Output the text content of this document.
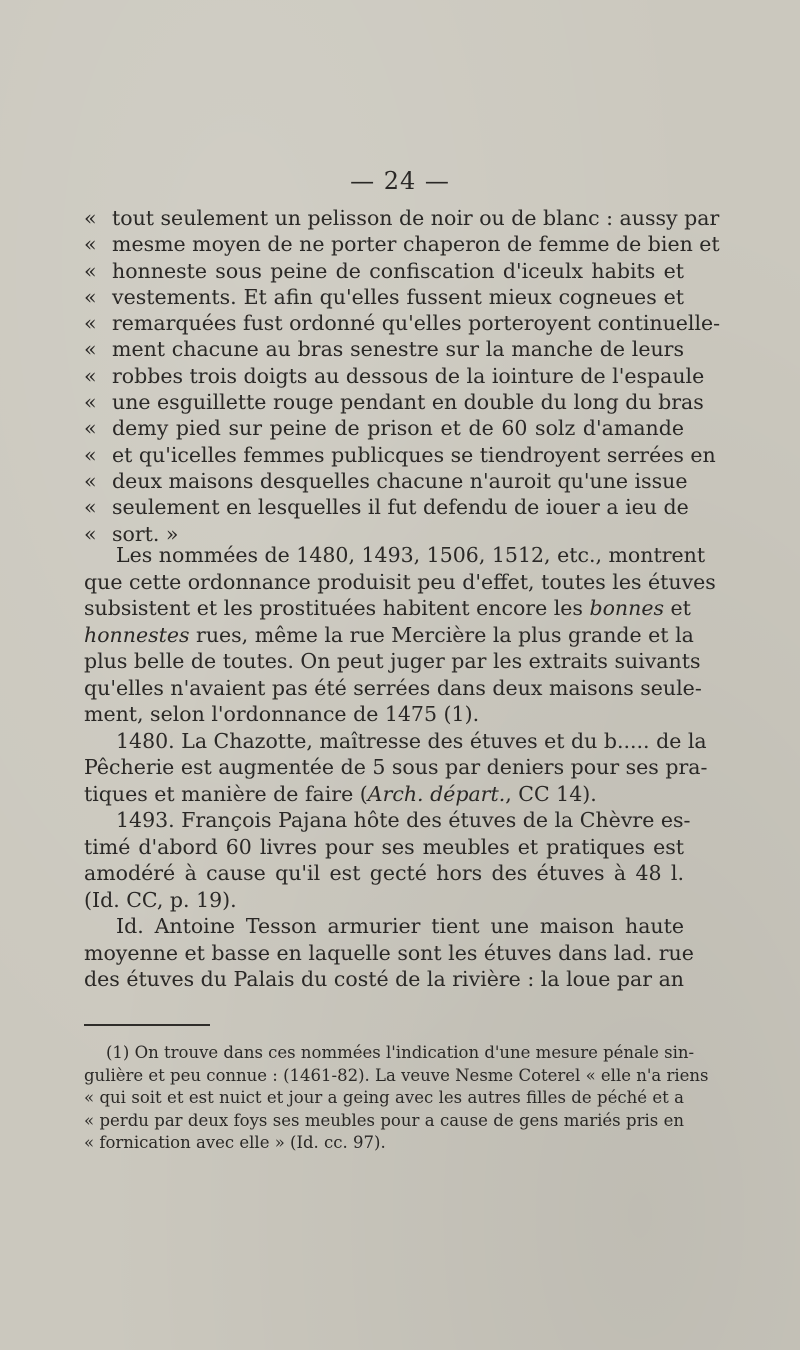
— 24 —
« tout seulement un pelisson de noir ou de blanc : aussy par
« mesme moyen de ne porter chaperon de femme de bien et
« honneste sous peine de confiscation d'iceulx habits et
« vestements. Et afin qu'elles fussent mieux cogneues et
« remarquées fust ordonné qu'elles porteroyent continuelle-
« ment chacune au bras senestre sur la manche de leurs
« robbes trois doigts au dessous de la iointure de l'espaule
« une esguillette rouge pendant en double du long du bras
« demy pied sur peine de prison et de 60 solz d'amande
« et qu'icelles femmes publicques se tiendroyent serrées en
« deux maisons desquelles chacune n'auroit qu'une issue
« seulement en lesquelles il fut defendu de iouer a ieu de
« sort. »

Les nommées de 1480, 1493, 1506, 1512, etc., montrent
que cette ordonnance produisit peu d'effet, toutes les étuves
subsistent et les prostituées habitent encore les bonnes et
honnestes rues, même la rue Mercière la plus grande et la
plus belle de toutes. On peut juger par les extraits suivants
qu'elles n'avaient pas été serrées dans deux maisons seule-
ment, selon l'ordonnance de 1475 (1).

1480. La Chazotte, maîtresse des étuves et du b..... de la
Pêcherie est augmentée de 5 sous par deniers pour ses pra-
tiques et manière de faire (Arch. départ., CC 14).

1493. François Pajana hôte des étuves de la Chèvre es-
timé d'abord 60 livres pour ses meubles et pratiques est
amodéré à cause qu'il est gecté hors des étuves à 48 l.
(Id. CC, p. 19).

Id. Antoine Tesson armurier tient une maison haute
moyenne et basse en laquelle sont les étuves dans lad. rue
des étuves du Palais du costé de la rivière : la loue par an

(1) On trouve dans ces nommées l'indication d'une mesure pénale sin-
gulière et peu connue : (1461-82). La veuve Nesme Coterel « elle n'a riens
« qui soit et est nuict et jour a geing avec les autres filles de péché et a
« perdu par deux foys ses meubles pour a cause de gens mariés pris en
« fornication avec elle » (Id. cc. 97).
